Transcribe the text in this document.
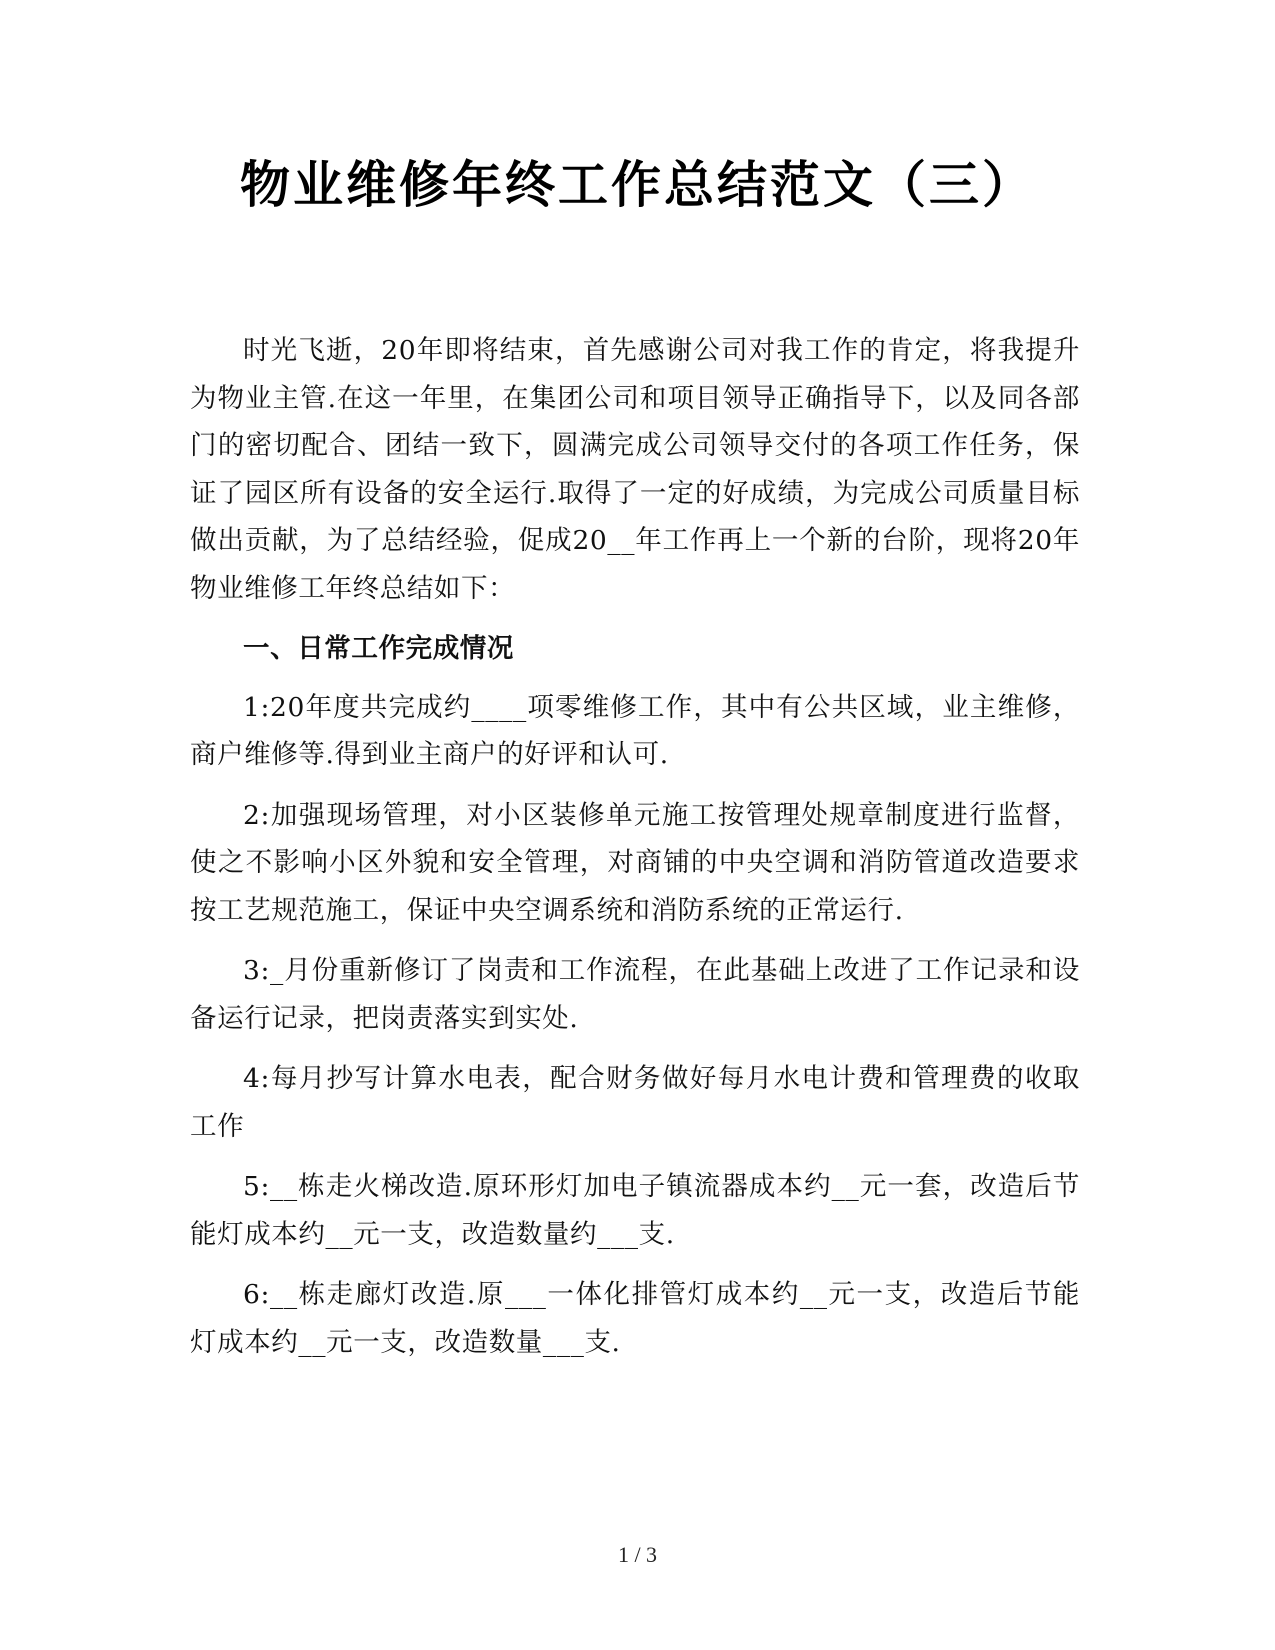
物业维修年终工作总结范文（三）

时光飞逝，20年即将结束，首先感谢公司对我工作的肯定，将我提升为物业主管.在这一年里，在集团公司和项目领导正确指导下，以及同各部门的密切配合、团结一致下，圆满完成公司领导交付的各项工作任务，保证了园区所有设备的安全运行.取得了一定的好成绩，为完成公司质量目标做出贡献，为了总结经验，促成20__年工作再上一个新的台阶，现将20年物业维修工年终总结如下：

一、日常工作完成情况

1:20年度共完成约____项零维修工作，其中有公共区域，业主维修，商户维修等.得到业主商户的好评和认可.

2:加强现场管理，对小区装修单元施工按管理处规章制度进行监督，使之不影响小区外貌和安全管理，对商铺的中央空调和消防管道改造要求按工艺规范施工，保证中央空调系统和消防系统的正常运行.

3:_月份重新修订了岗责和工作流程，在此基础上改进了工作记录和设备运行记录，把岗责落实到实处.

4:每月抄写计算水电表，配合财务做好每月水电计费和管理费的收取工作

5:__栋走火梯改造.原环形灯加电子镇流器成本约__元一套，改造后节能灯成本约__元一支，改造数量约___支.

6:__栋走廊灯改造.原___一体化排管灯成本约__元一支，改造后节能灯成本约__元一支，改造数量___支.

1 / 3
